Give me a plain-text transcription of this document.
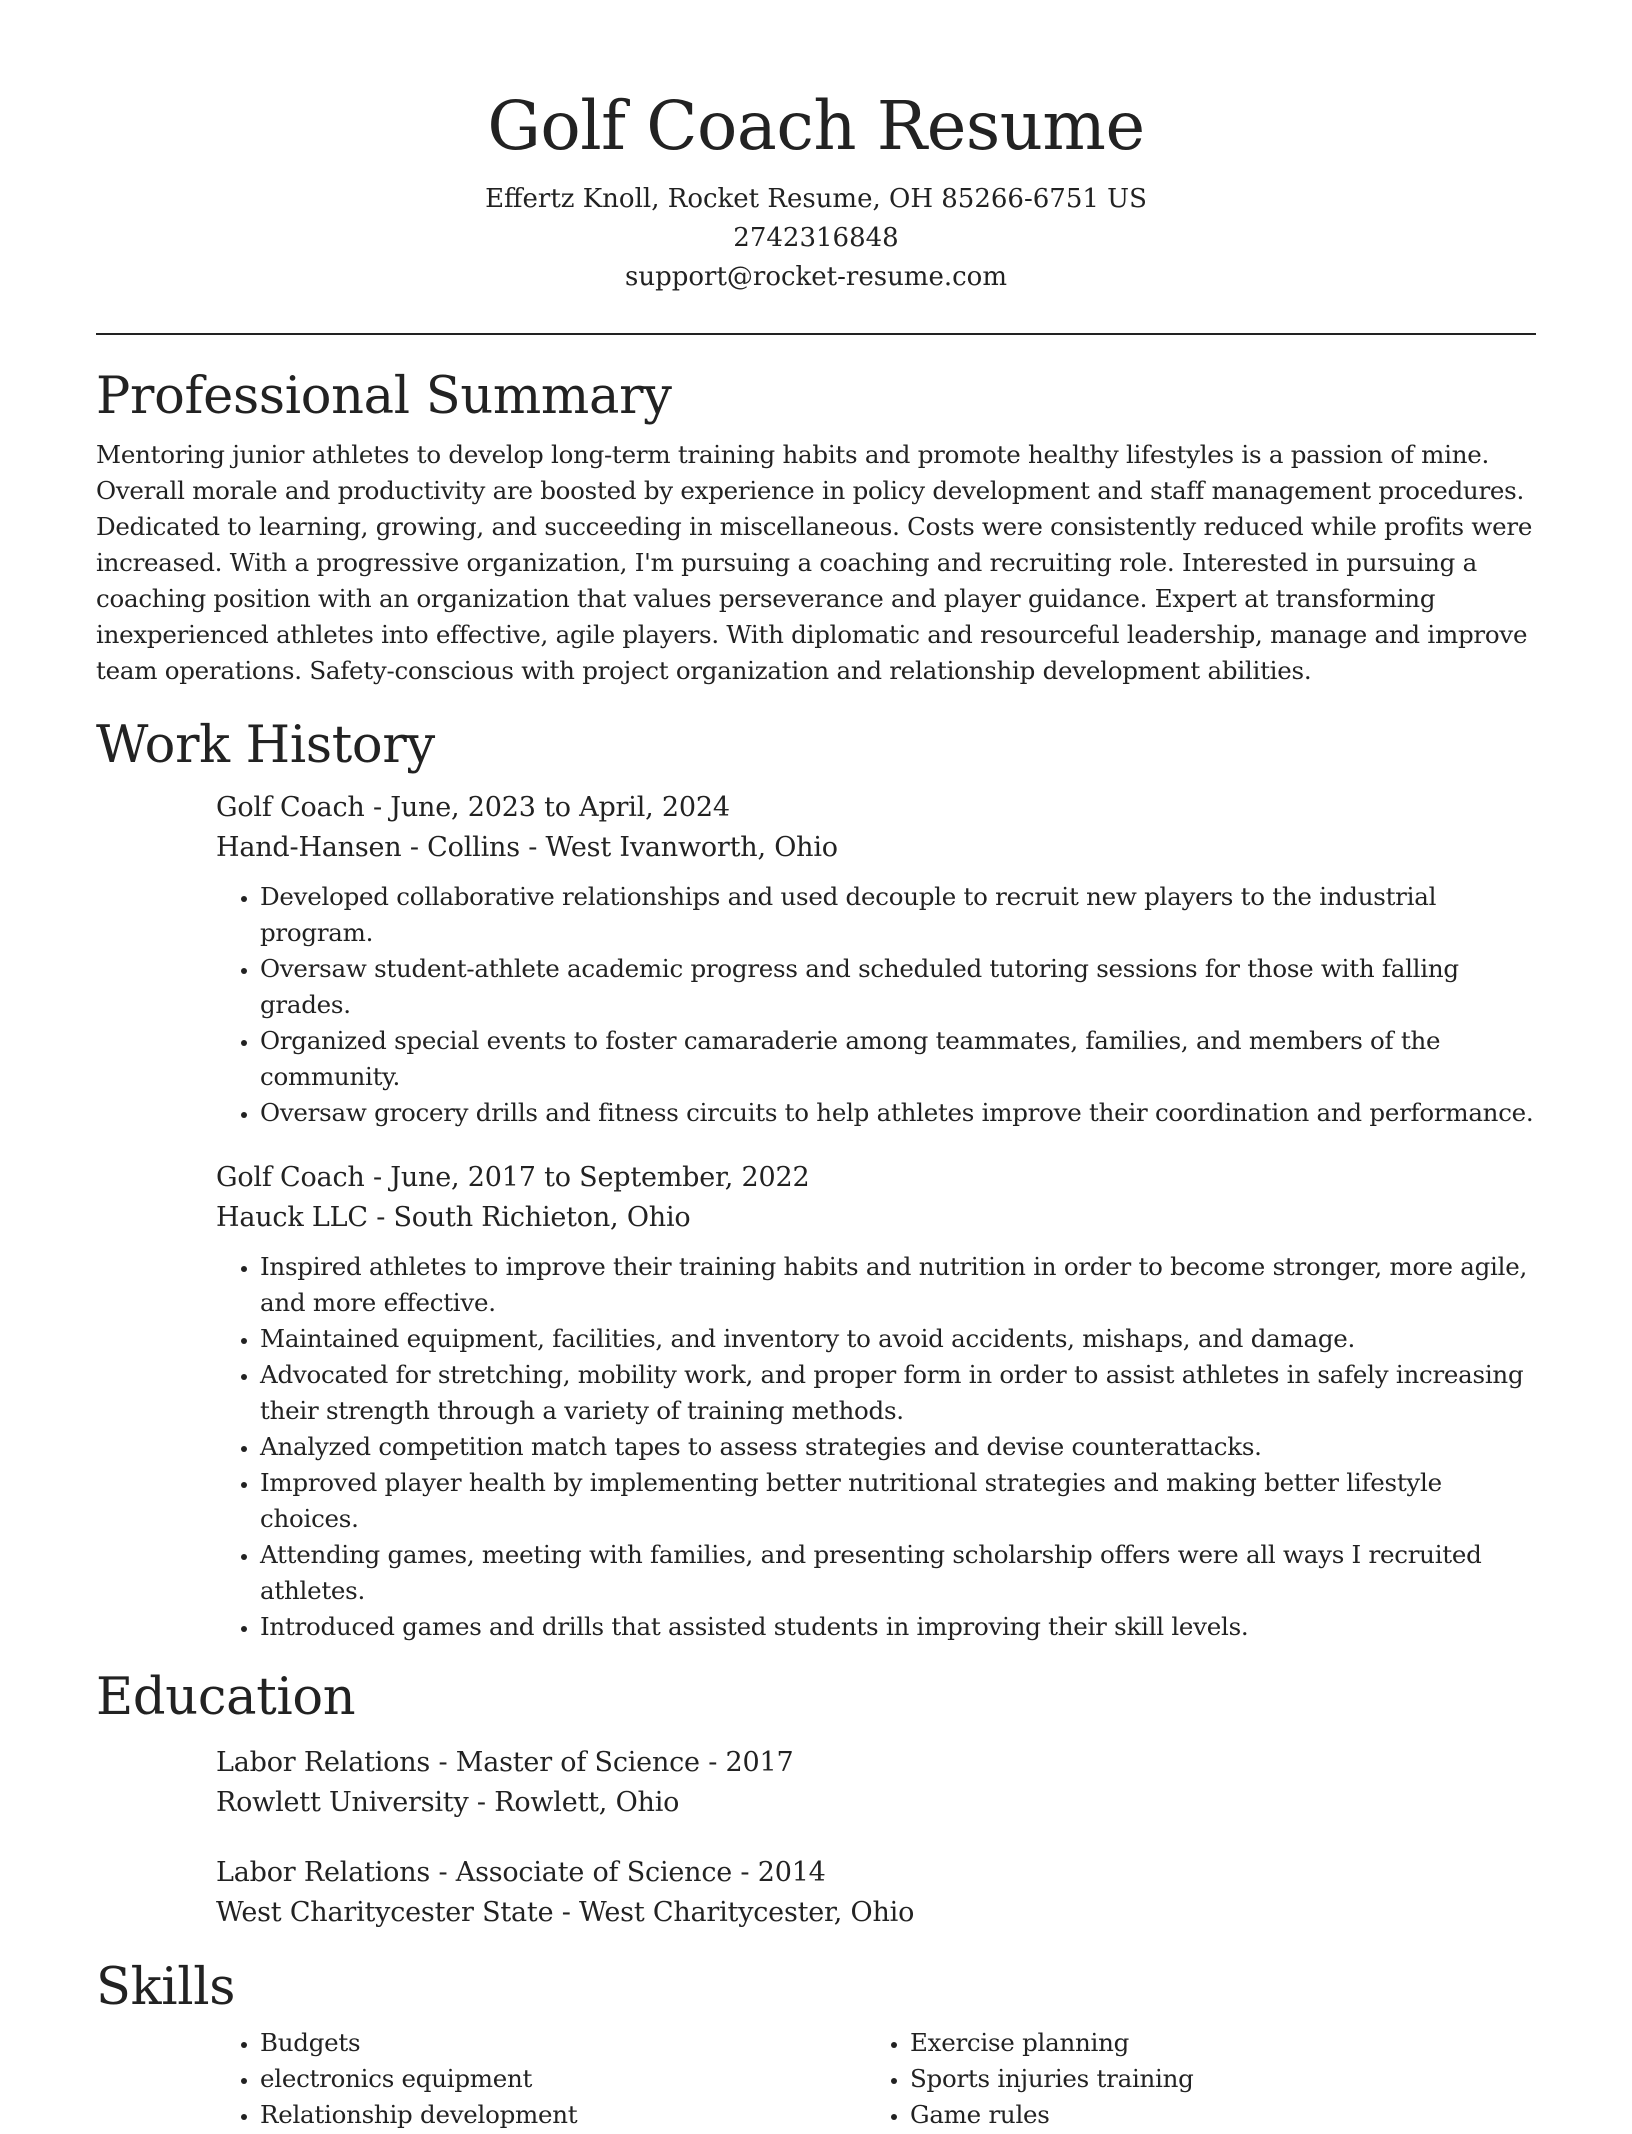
Golf Coach Resume
Effertz Knoll, Rocket Resume, OH 85266-6751 US
2742316848
support@rocket-resume.com
Professional Summary

Mentoring junior athletes to develop long-term training habits and promote healthy lifestyles is a passion of mine. Overall morale and productivity are boosted by experience in policy development and staff management procedures. Dedicated to learning, growing, and succeeding in miscellaneous. Costs were consistently reduced while profits were increased. With a progressive organization, I'm pursuing a coaching and recruiting role. Interested in pursuing a coaching position with an organization that values perseverance and player guidance. Expert at transforming inexperienced athletes into effective, agile players. With diplomatic and resourceful leadership, manage and improve team operations. Safety-conscious with project organization and relationship development abilities.

Work History
Golf Coach - June, 2023 to April, 2024
Hand-Hansen - Collins - West Ivanworth, Ohio
• Developed collaborative relationships and used decouple to recruit new players to the industrial program.
• Oversaw student-athlete academic progress and scheduled tutoring sessions for those with falling grades.
• Organized special events to foster camaraderie among teammates, families, and members of the community.
• Oversaw grocery drills and fitness circuits to help athletes improve their coordination and performance.
Golf Coach - June, 2017 to September, 2022
Hauck LLC - South Richieton, Ohio
• Inspired athletes to improve their training habits and nutrition in order to become stronger, more agile, and more effective.
• Maintained equipment, facilities, and inventory to avoid accidents, mishaps, and damage.
• Advocated for stretching, mobility work, and proper form in order to assist athletes in safely increasing their strength through a variety of training methods.
• Analyzed competition match tapes to assess strategies and devise counterattacks.
• Improved player health by implementing better nutritional strategies and making better lifestyle choices.
• Attending games, meeting with families, and presenting scholarship offers were all ways I recruited athletes.
• Introduced games and drills that assisted students in improving their skill levels.
Education
Labor Relations - Master of Science - 2017
Rowlett University - Rowlett, Ohio
Labor Relations - Associate of Science - 2014
West Charitycester State - West Charitycester, Ohio
Skills
• Budgets
• electronics equipment
• Relationship development
• Exercise planning
• Sports injuries training
• Game rules
